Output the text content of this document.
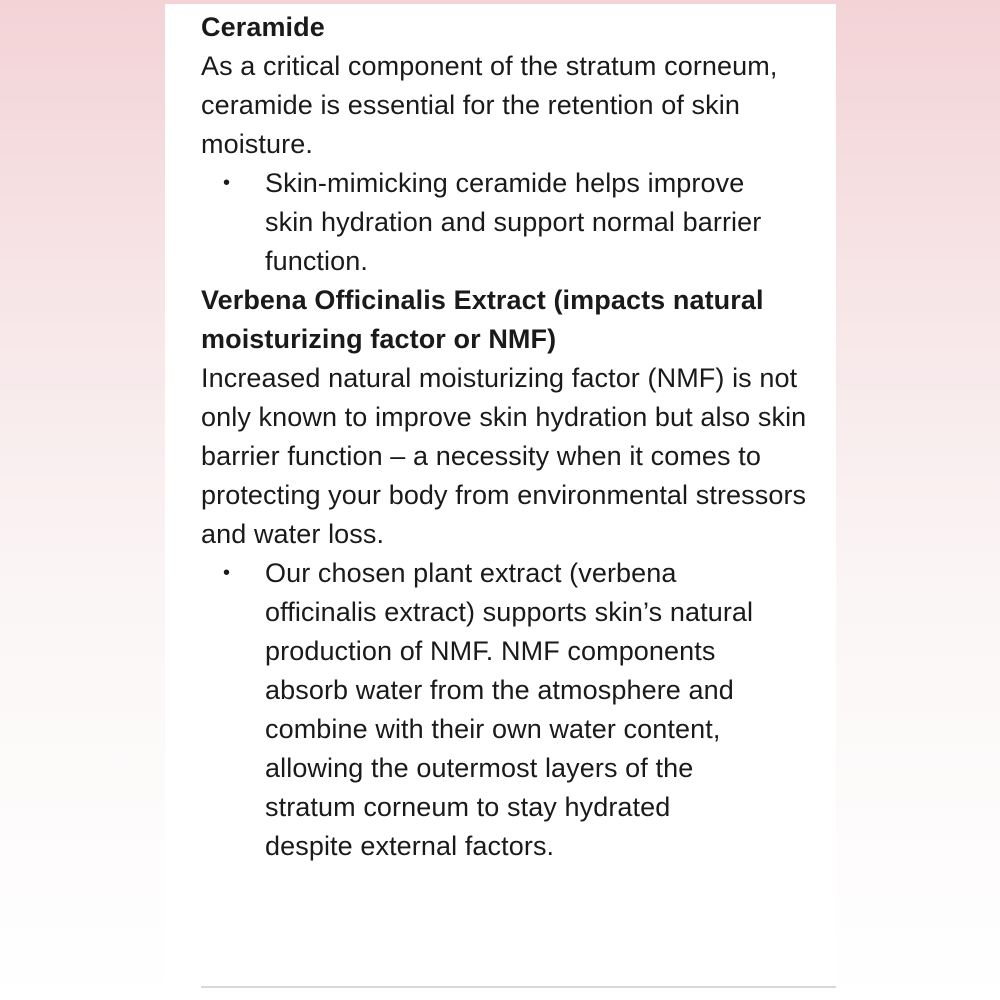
Ceramide

As a critical component of the stratum corneum, ceramide is essential for the retention of skin moisture.

• Skin-mimicking ceramide helps improve skin hydration and support normal barrier function.

Verbena Officinalis Extract (impacts natural moisturizing factor or NMF)

Increased natural moisturizing factor (NMF) is not only known to improve skin hydration but also skin barrier function – a necessity when it comes to protecting your body from environmental stressors and water loss.

• Our chosen plant extract (verbena officinalis extract) supports skin’s natural production of NMF. NMF components absorb water from the atmosphere and combine with their own water content, allowing the outermost layers of the stratum corneum to stay hydrated despite external factors.
